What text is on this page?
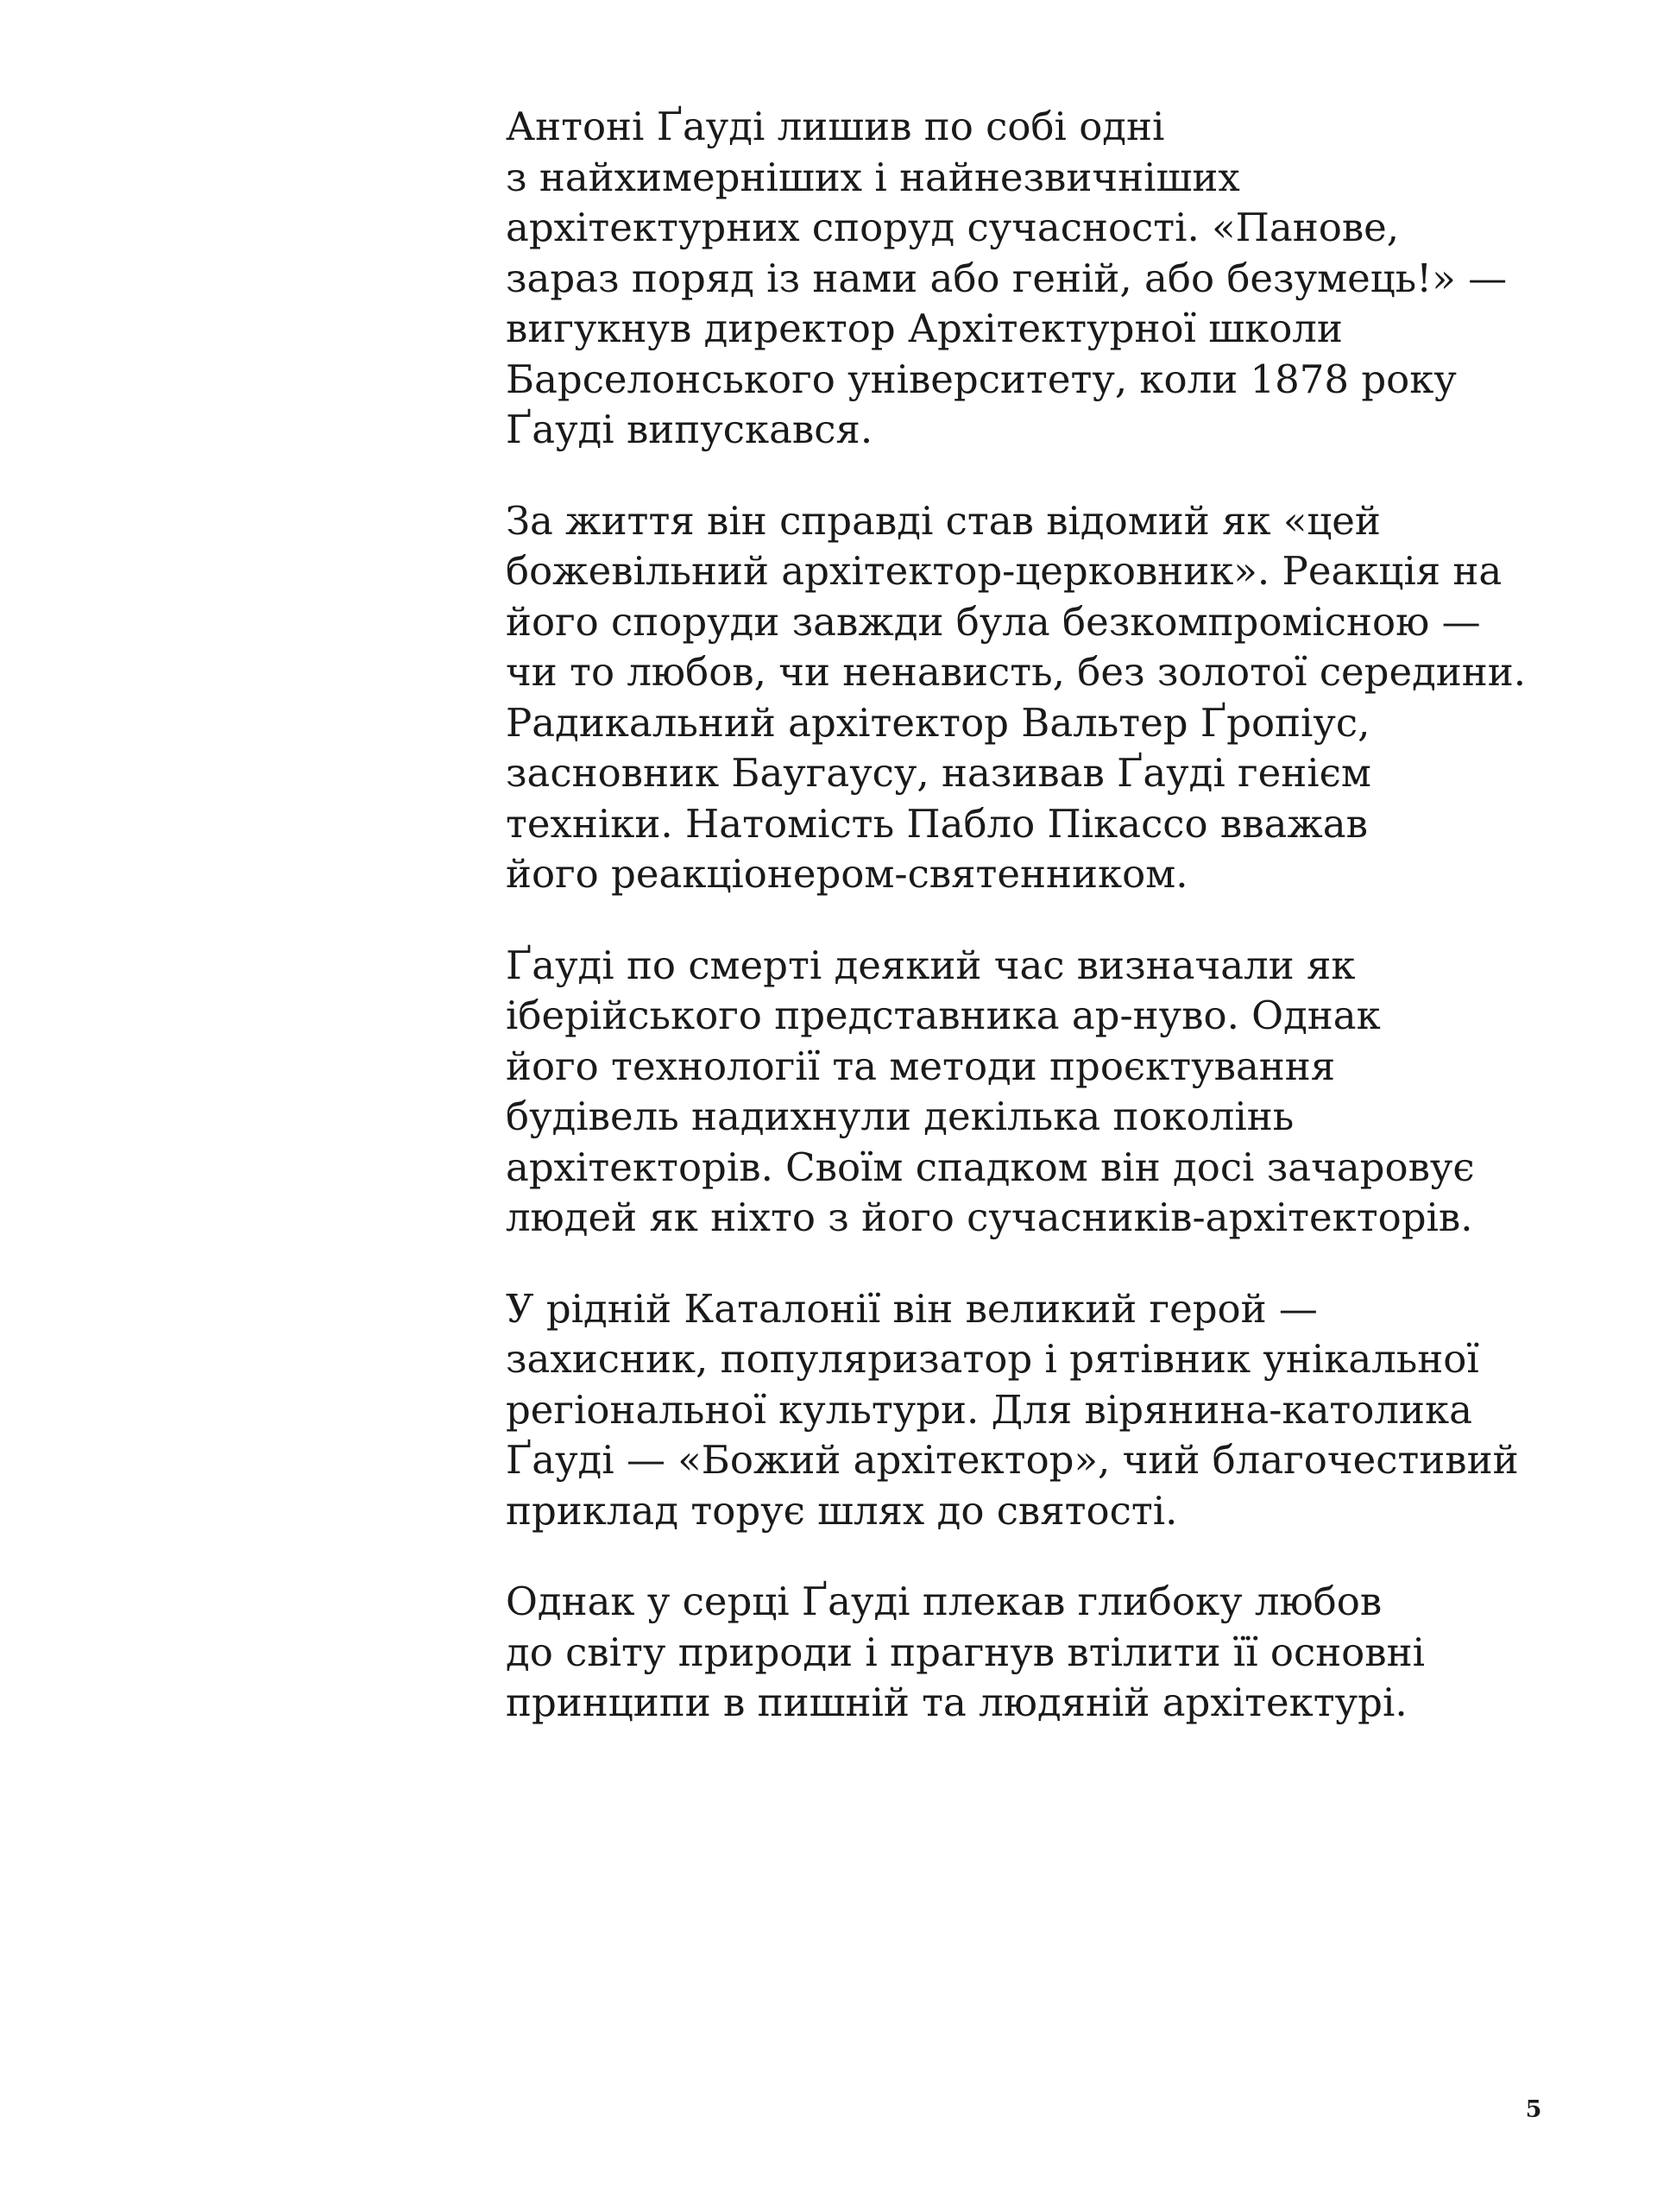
Антоні Ґауді лишив по собі одні
з найхимерніших і найнезвичніших
архітектурних споруд сучасності. «Панове,
зараз поряд із нами або геній, або безумець!» —
вигукнув директор Архітектурної школи
Барселонського університету, коли 1878 року
Ґауді випускався.

За життя він справді став відомий як «цей
божевільний архітектор-церковник». Реакція на
його споруди завжди була безкомпромісною —
чи то любов, чи ненависть, без золотої середини.
Радикальний архітектор Вальтер Ґропіус,
засновник Баугаусу, називав Ґауді генієм
техніки. Натомість Пабло Пікассо вважав
його реакціонером-святенником.

Ґауді по смерті деякий час визначали як
іберійського представника ар-нуво. Однак
його технології та методи проєктування
будівель надихнули декілька поколінь
архітекторів. Своїм спадком він досі зачаровує
людей як ніхто з його сучасників-архітекторів.

У рідній Каталонії він великий герой —
захисник, популяризатор і рятівник унікальної
регіональної культури. Для вірянина-католика
Ґауді — «Божий архітектор», чий благочестивий
приклад торує шлях до святості.

Однак у серці Ґауді плекав глибоку любов
до світу природи і прагнув втілити її основні
принципи в пишній та людяній архітектурі.

5
